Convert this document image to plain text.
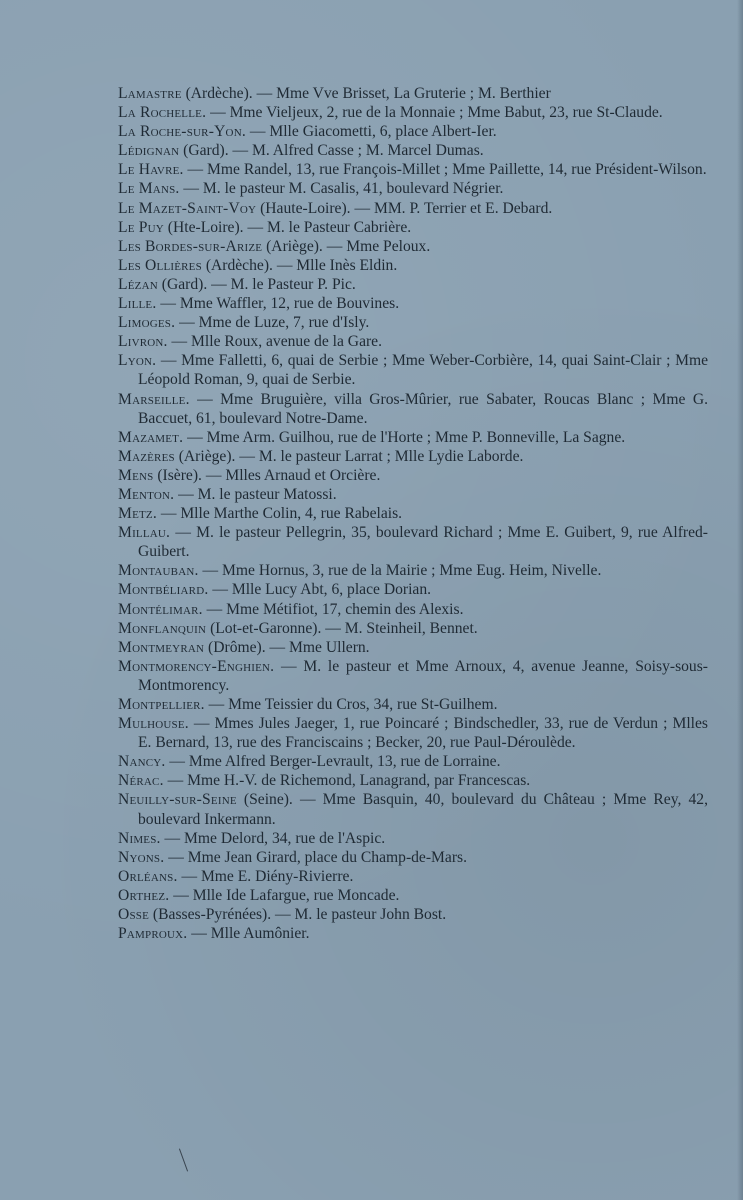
Lamastre (Ardèche). — Mme Vve Brisset, La Gruterie ; M. Berthier

La Rochelle. — Mme Vieljeux, 2, rue de la Monnaie ; Mme Babut, 23, rue St-Claude.

La Roche-sur-Yon. — Mlle Giacometti, 6, place Albert-Ier.

Lédignan (Gard). — M. Alfred Casse ; M. Marcel Dumas.

Le Havre. — Mme Randel, 13, rue François-Millet ; Mme Paillette, 14, rue Président-Wilson.

Le Mans. — M. le pasteur M. Casalis, 41, boulevard Négrier.

Le Mazet-Saint-Voy (Haute-Loire). — MM. P. Terrier et E. Debard.

Le Puy (Hte-Loire). — M. le Pasteur Cabrière.

Les Bordes-sur-Arize (Ariège). — Mme Peloux.

Les Ollières (Ardèche). — Mlle Inès Eldin.

Lézan (Gard). — M. le Pasteur P. Pic.

Lille. — Mme Waffler, 12, rue de Bouvines.

Limoges. — Mme de Luze, 7, rue d'Isly.

Livron. — Mlle Roux, avenue de la Gare.

Lyon. — Mme Falletti, 6, quai de Serbie ; Mme Weber-Corbière, 14, quai Saint-Clair ; Mme Léopold Roman, 9, quai de Serbie.

Marseille. — Mme Bruguière, villa Gros-Mûrier, rue Sabater, Roucas Blanc ; Mme G. Baccuet, 61, boulevard Notre-Dame.

Mazamet. — Mme Arm. Guilhou, rue de l'Horte ; Mme P. Bonneville, La Sagne.

Mazères (Ariège). — M. le pasteur Larrat ; Mlle Lydie Laborde.

Mens (Isère). — Mlles Arnaud et Orcière.

Menton. — M. le pasteur Matossi.

Metz. — Mlle Marthe Colin, 4, rue Rabelais.

Millau. — M. le pasteur Pellegrin, 35, boulevard Richard ; Mme E. Guibert, 9, rue Alfred-Guibert.

Montauban. — Mme Hornus, 3, rue de la Mairie ; Mme Eug. Heim, Nivelle.

Montbéliard. — Mlle Lucy Abt, 6, place Dorian.

Montélimar. — Mme Métifiot, 17, chemin des Alexis.

Monflanquin (Lot-et-Garonne). — M. Steinheil, Bennet.

Montmeyran (Drôme). — Mme Ullern.

Montmorency-Enghien. — M. le pasteur et Mme Arnoux, 4, avenue Jeanne, Soisy-sous-Montmorency.

Montpellier. — Mme Teissier du Cros, 34, rue St-Guilhem.

Mulhouse. — Mmes Jules Jaeger, 1, rue Poincaré ; Bindschedler, 33, rue de Verdun ; Mlles E. Bernard, 13, rue des Franciscains ; Becker, 20, rue Paul-Déroulède.

Nancy. — Mme Alfred Berger-Levrault, 13, rue de Lorraine.

Nérac. — Mme H.-V. de Richemond, Lanagrand, par Francescas.

Neuilly-sur-Seine (Seine). — Mme Basquin, 40, boulevard du Château ; Mme Rey, 42, boulevard Inkermann.

Nimes. — Mme Delord, 34, rue de l'Aspic.

Nyons. — Mme Jean Girard, place du Champ-de-Mars.

Orléans. — Mme E. Diény-Rivierre.

Orthez. — Mlle Ide Lafargue, rue Moncade.

Osse (Basses-Pyrénées). — M. le pasteur John Bost.

Pamproux. — Mlle Aumônier.
